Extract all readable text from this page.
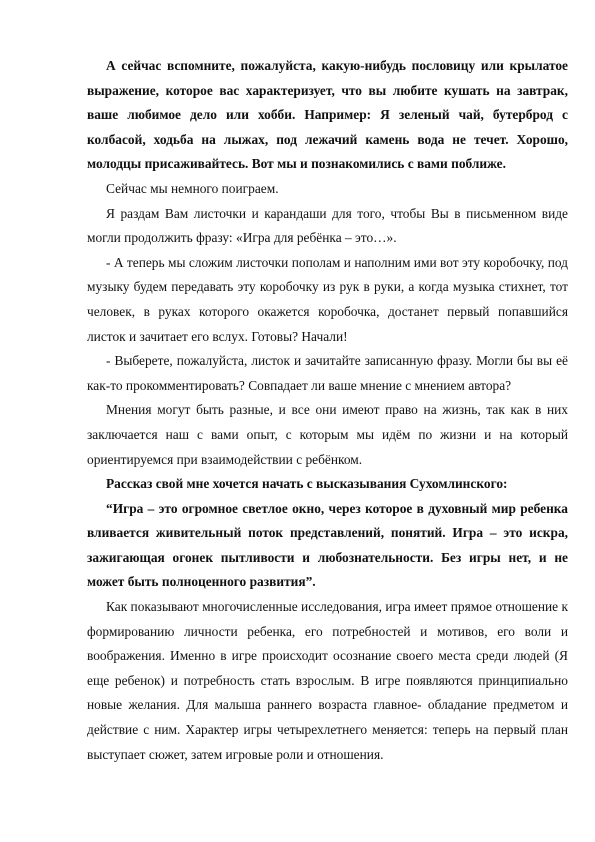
А сейчас вспомните, пожалуйста, какую-нибудь пословицу или крылатое выражение, которое вас характеризует, что вы любите кушать на завтрак, ваше любимое дело или хобби. Например: Я зеленый чай, бутерброд с колбасой, ходьба на лыжах, под лежачий камень вода не течет. Хорошо, молодцы присаживайтесь. Вот мы и познакомились с вами поближе.

Сейчас мы немного поиграем.

Я раздам Вам листочки и карандаши для того, чтобы Вы в письменном виде могли продолжить фразу: «Игра для ребёнка – это…».

- А теперь мы сложим листочки пополам и наполним ими вот эту коробочку, под музыку будем передавать эту коробочку из рук в руки, а когда музыка стихнет, тот человек, в руках которого окажется коробочка, достанет первый попавшийся листок и зачитает его вслух. Готовы? Начали!

- Выберете, пожалуйста, листок и зачитайте записанную фразу. Могли бы вы её как-то прокомментировать? Совпадает ли ваше мнение с мнением автора?

Мнения могут быть разные, и все они имеют право на жизнь, так как в них заключается наш с вами опыт, с которым мы идём по жизни и на который ориентируемся при взаимодействии с ребёнком.

Рассказ свой мне хочется начать с высказывания Сухомлинского:

“Игра – это огромное светлое окно, через которое в духовный мир ребенка вливается живительный поток представлений, понятий. Игра – это искра, зажигающая огонек пытливости и любознательности. Без игры нет, и не может быть полноценного развития”.

Как показывают многочисленные исследования, игра имеет прямое отношение к формированию личности ребенка, его потребностей и мотивов, его воли и воображения. Именно в игре происходит осознание своего места среди людей (Я еще ребенок) и потребность стать взрослым. В игре появляются принципиально новые желания. Для малыша раннего возраста главное- обладание предметом и действие с ним. Характер игры четырехлетнего меняется: теперь на первый план выступает сюжет, затем игровые роли и отношения.
